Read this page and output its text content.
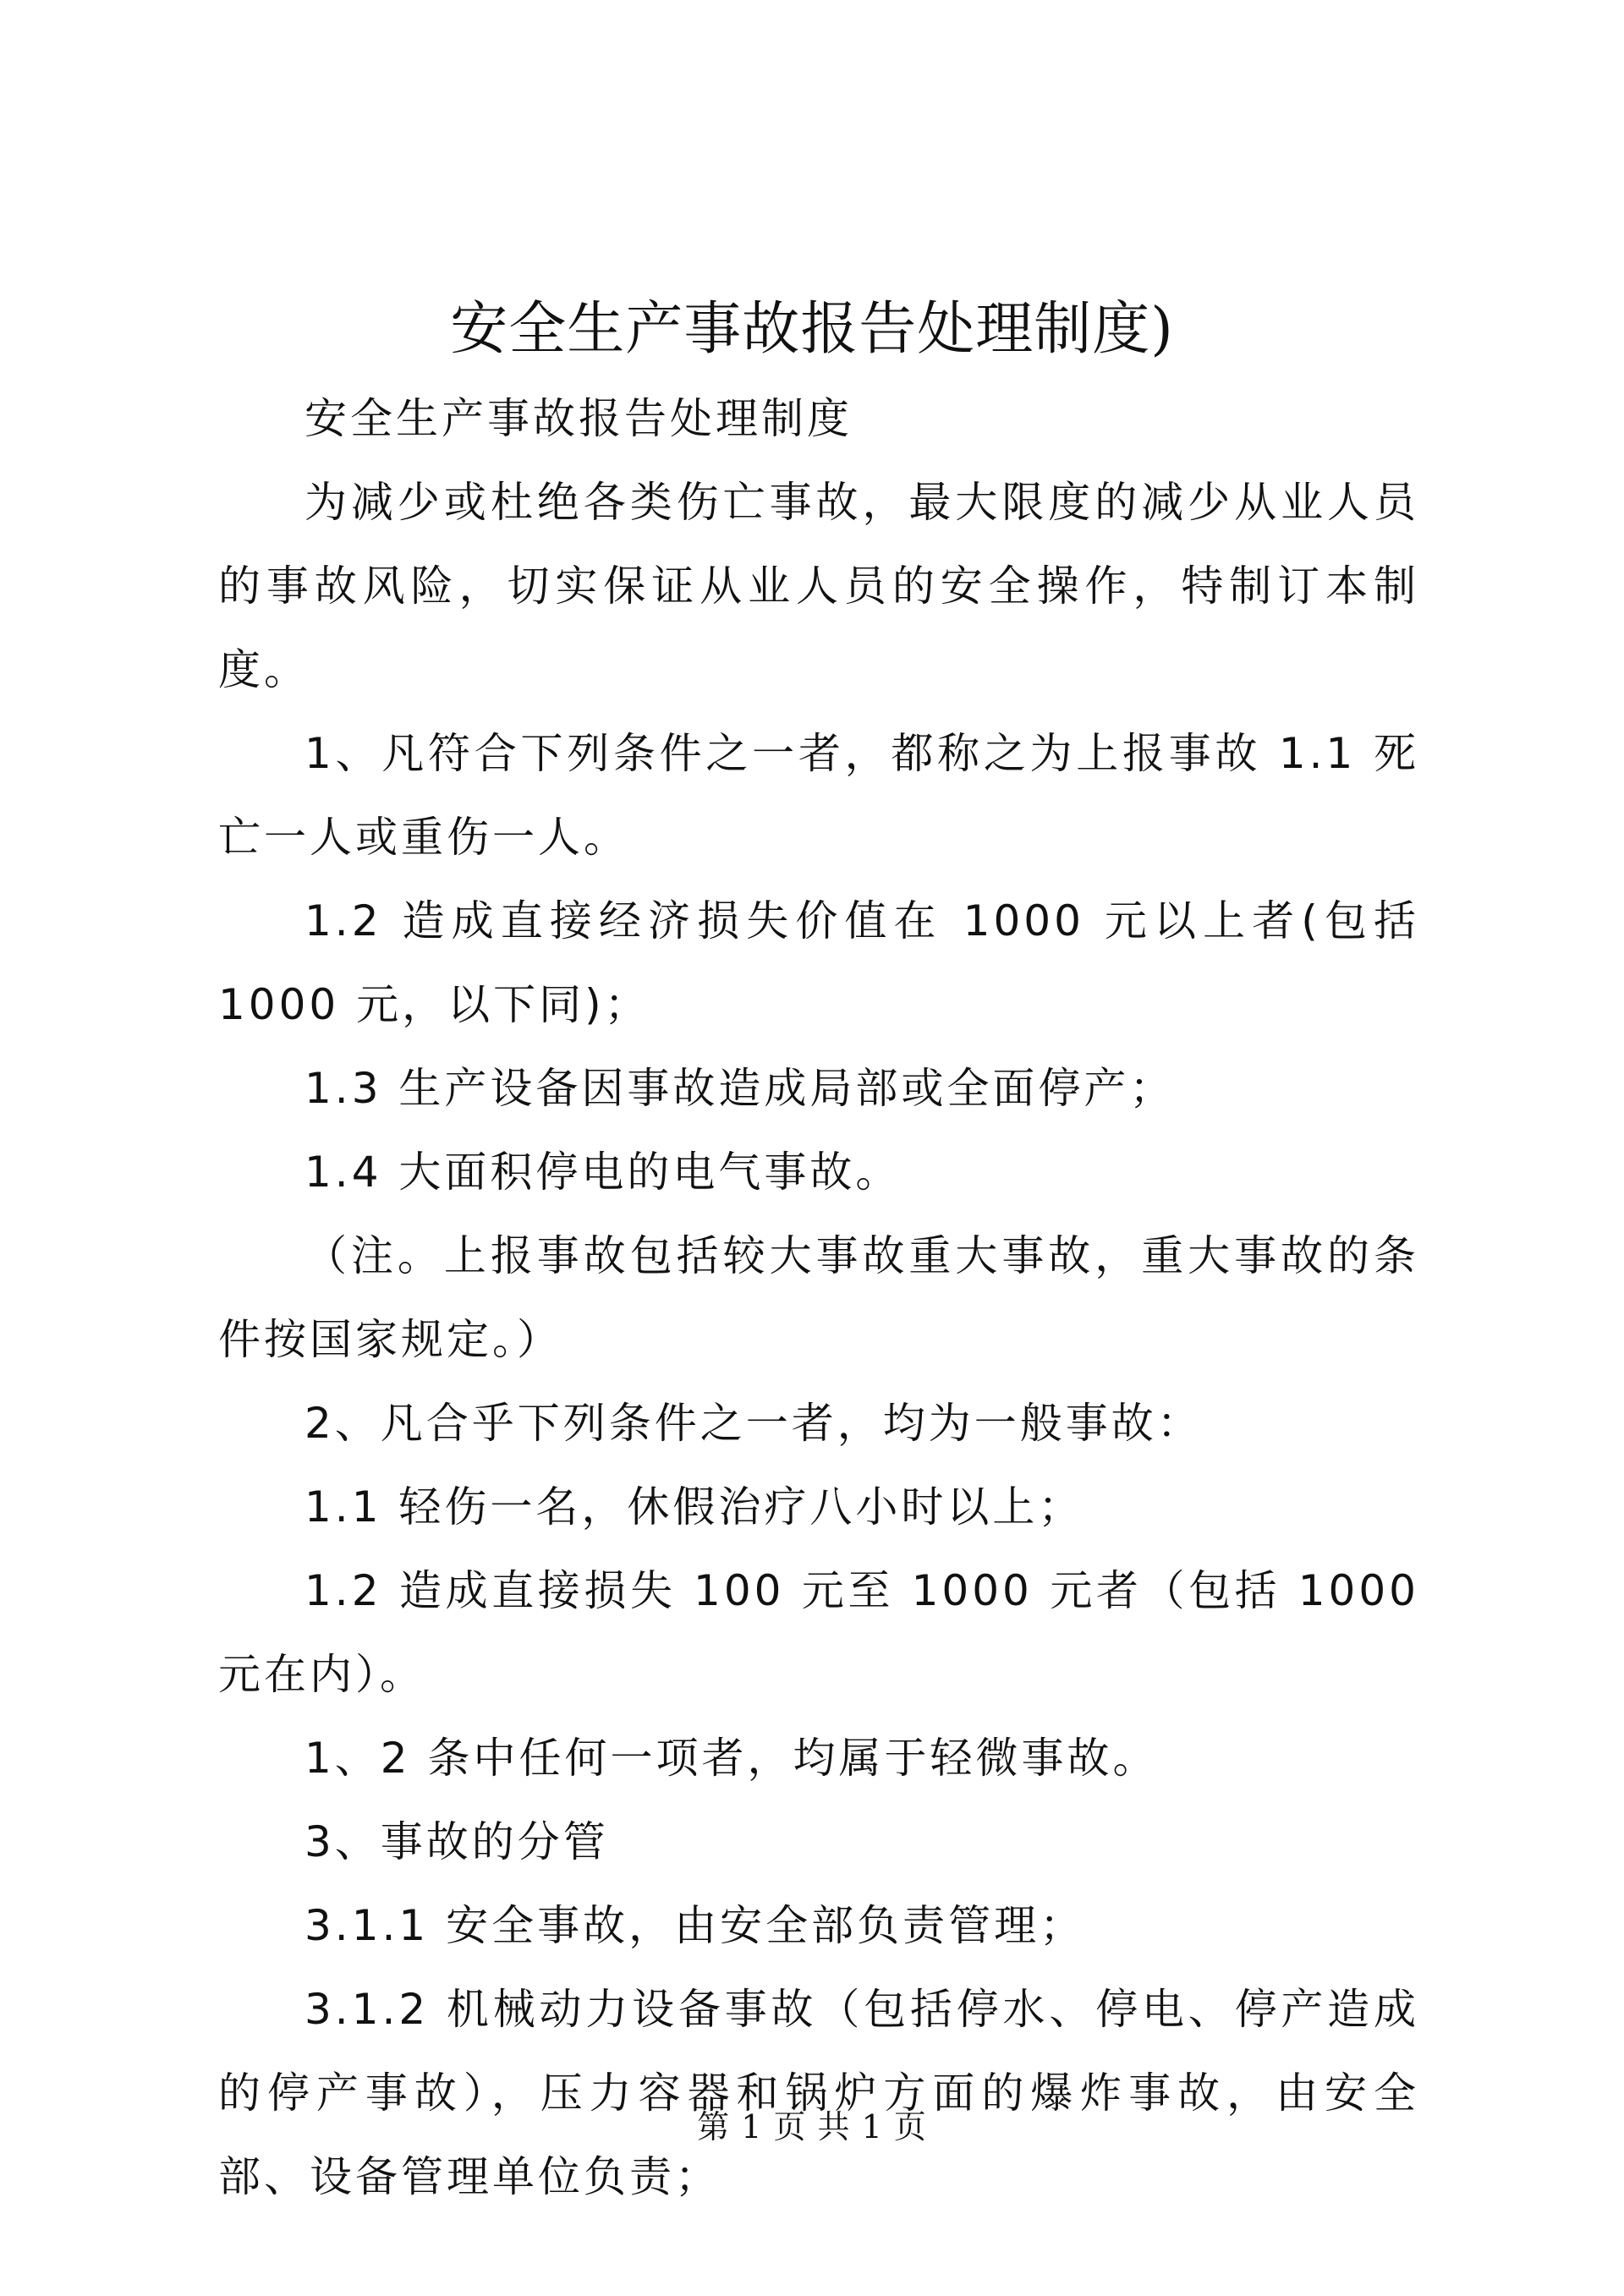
安全生产事故报告处理制度)

安全生产事故报告处理制度

为减少或杜绝各类伤亡事故，最大限度的减少从业人员的事故风险，切实保证从业人员的安全操作，特制订本制度。

1、凡符合下列条件之一者，都称之为上报事故 1.1 死亡一人或重伤一人。

1.2 造成直接经济损失价值在 1000 元以上者(包括 1000 元，以下同)；

1.3 生产设备因事故造成局部或全面停产；

1.4 大面积停电的电气事故。

（注。上报事故包括较大事故重大事故，重大事故的条件按国家规定。）

2、凡合乎下列条件之一者，均为一般事故：

1.1 轻伤一名，休假治疗八小时以上；

1.2 造成直接损失 100 元至 1000 元者（包括 1000 元在内）。

1、2 条中任何一项者，均属于轻微事故。

3、事故的分管

3.1.1 安全事故，由安全部负责管理；

3.1.2 机械动力设备事故（包括停水、停电、停产造成的停产事故），压力容器和锅炉方面的爆炸事故，由安全部、设备管理单位负责；

第 1 页 共 1 页
